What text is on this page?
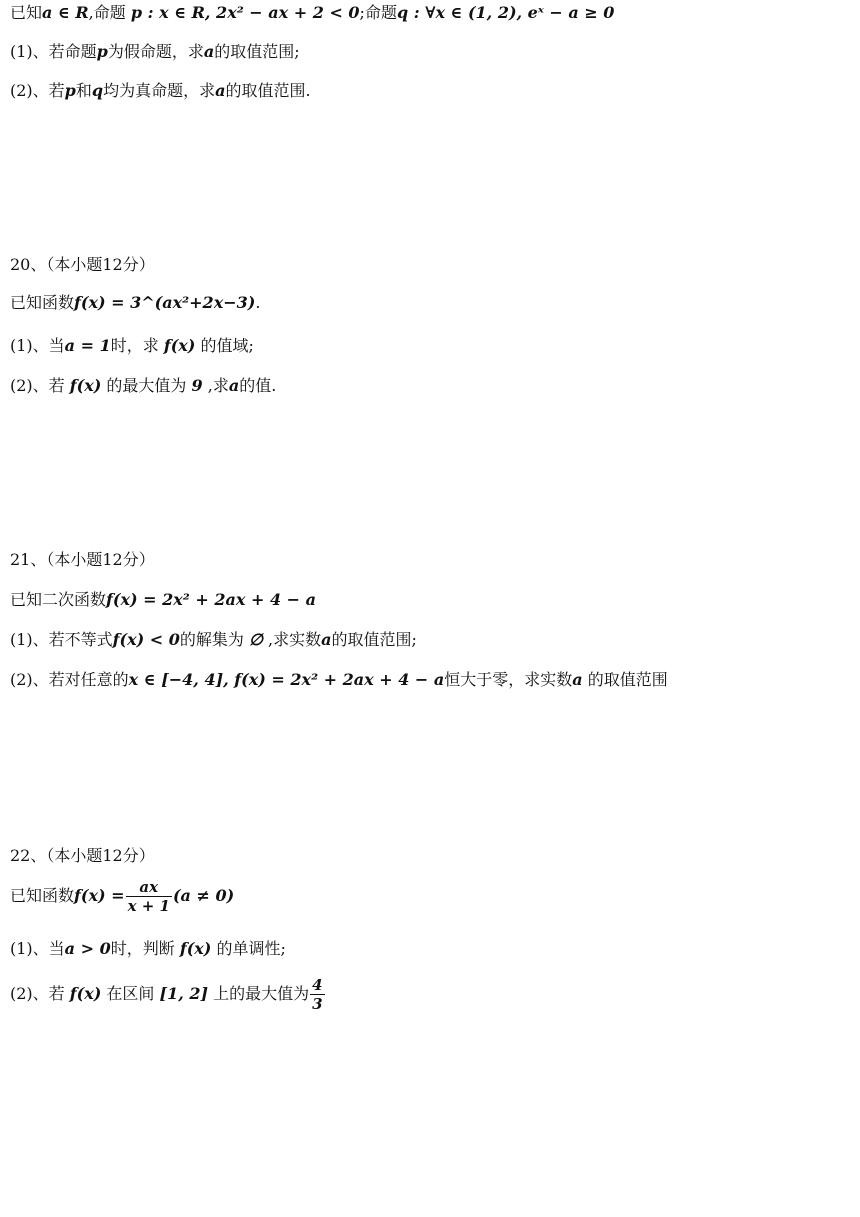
已知a ∈ R,命题 p : x ∈ R, 2x² − ax + 2 < 0;命题q : ∀x ∈ (1, 2), eˣ − a ≥ 0
(1)、若命题p为假命题，求a的取值范围;
(2)、若p和q均为真命题，求a的取值范围.
20、（本小题12分）
已知函数f(x) = 3^(ax²+2x−3).
(1)、当a = 1时，求 f(x) 的值域;
(2)、若 f(x) 的最大值为 9 ,求a的值.
21、（本小题12分）
已知二次函数f(x) = 2x² + 2ax + 4 − a
(1)、若不等式f(x) < 0的解集为 ∅ ,求实数a的取值范围;
(2)、若对任意的x ∈ [−4, 4], f(x) = 2x² + 2ax + 4 − a恒大于零，求实数a 的取值范围
22、（本小题12分）
已知函数$f(x) = \frac{ax}{x + 1} (a \ne 0)$
(1)、当a > 0时，判断 f(x) 的单调性;
(2)、若 f(x) 在区间 [1, 2] 上的最大值为 $\frac{4}{3}$
